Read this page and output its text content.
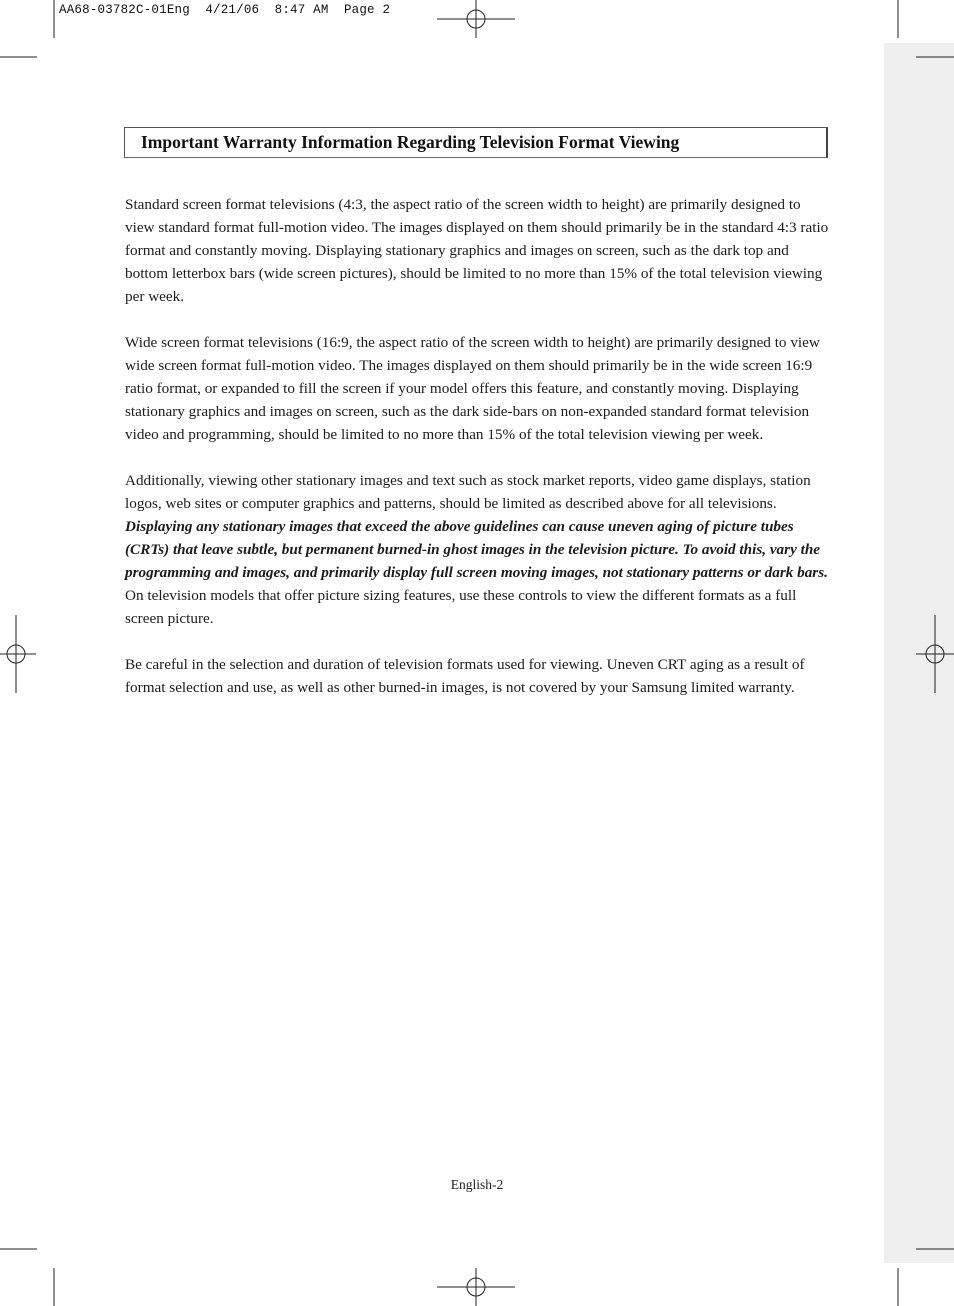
AA68-03782C-01Eng  4/21/06  8:47 AM  Page 2
Important Warranty Information Regarding Television Format Viewing

Standard screen format televisions (4:3, the aspect ratio of the screen width to height) are primarily designed to view standard format full-motion video. The images displayed on them should primarily be in the standard 4:3 ratio format and constantly moving. Displaying stationary graphics and images on screen, such as the dark top and bottom letterbox bars (wide screen pictures), should be limited to no more than 15% of the total television viewing per week.

Wide screen format televisions (16:9, the aspect ratio of the screen width to height) are primarily designed to view wide screen format full-motion video. The images displayed on them should primarily be in the wide screen 16:9 ratio format, or expanded to fill the screen if your model offers this feature, and constantly moving. Displaying stationary graphics and images on screen, such as the dark side-bars on non-expanded standard format television video and programming, should be limited to no more than 15% of the total television viewing per week.

Additionally, viewing other stationary images and text such as stock market reports, video game displays, station logos, web sites or computer graphics and patterns, should be limited as described above for all televisions. Displaying any stationary images that exceed the above guidelines can cause uneven aging of picture tubes (CRTs) that leave subtle, but permanent burned-in ghost images in the television picture. To avoid this, vary the programming and images, and primarily display full screen moving images, not stationary patterns or dark bars. On television models that offer picture sizing features, use these controls to view the different formats as a full screen picture.

Be careful in the selection and duration of television formats used for viewing. Uneven CRT aging as a result of format selection and use, as well as other burned-in images, is not covered by your Samsung limited warranty.

English-2
